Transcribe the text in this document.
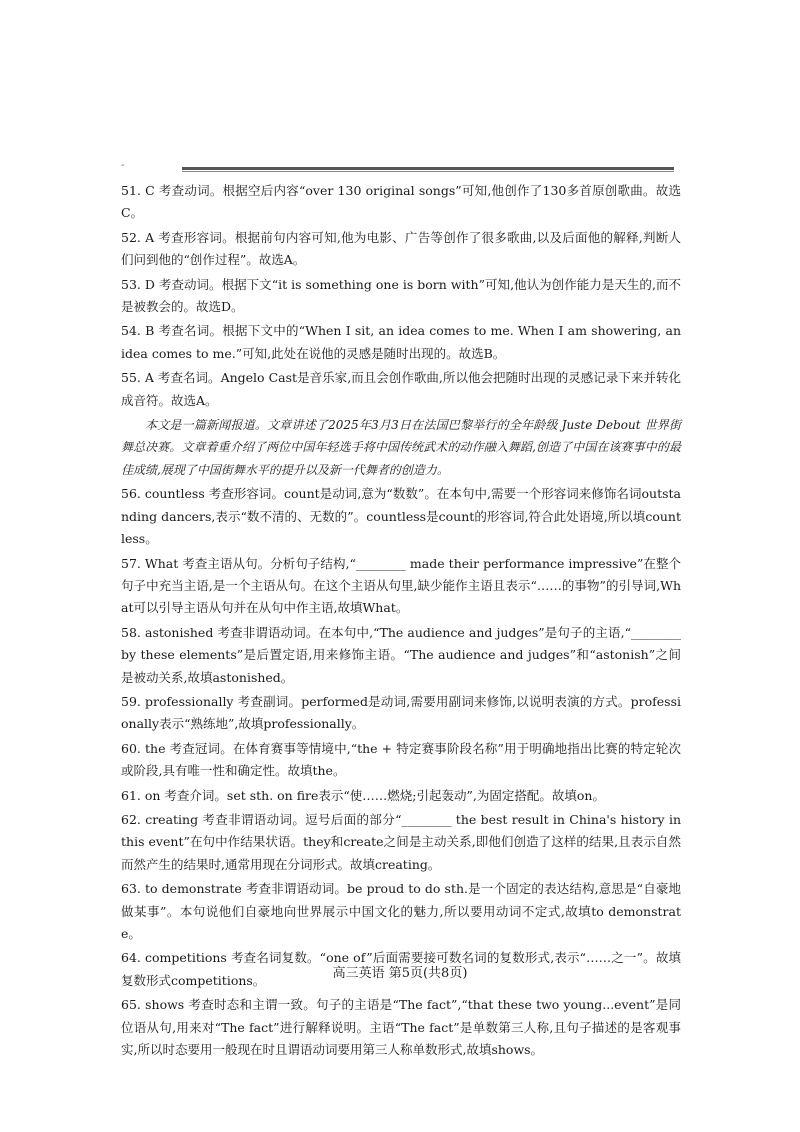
-

51. C 考查动词。根据空后内容“over 130 original songs”可知,他创作了130多首原创歌曲。故选C。

52. A 考查形容词。根据前句内容可知,他为电影、广告等创作了很多歌曲,以及后面他的解释,判断人们问到他的“创作过程”。故选A。

53. D 考查动词。根据下文“it is something one is born with”可知,他认为创作能力是天生的,而不是被教会的。故选D。

54. B 考查名词。根据下文中的“When I sit, an idea comes to me. When I am showering, an idea comes to me.”可知,此处在说他的灵感是随时出现的。故选B。

55. A 考查名词。Angelo Cast是音乐家,而且会创作歌曲,所以他会把随时出现的灵感记录下来并转化成音符。故选A。

本文是一篇新闻报道。文章讲述了2025年3月3日在法国巴黎举行的全年龄级 Juste Debout 世界街舞总决赛。文章着重介绍了两位中国年轻选手将中国传统武术的动作融入舞蹈,创造了中国在该赛事中的最佳成绩,展现了中国街舞水平的提升以及新一代舞者的创造力。

56. countless 考查形容词。count是动词,意为“数数”。在本句中,需要一个形容词来修饰名词outstanding dancers,表示“数不清的、无数的”。countless是count的形容词,符合此处语境,所以填countless。

57. What 考查主语从句。分析句子结构,“________ made their performance impressive”在整个句子中充当主语,是一个主语从句。在这个主语从句里,缺少能作主语且表示“……的事物”的引导词,What可以引导主语从句并在从句中作主语,故填What。

58. astonished 考查非谓语动词。在本句中,“The audience and judges”是句子的主语,“________ by these elements”是后置定语,用来修饰主语。“The audience and judges”和“astonish”之间是被动关系,故填astonished。

59. professionally 考查副词。performed是动词,需要用副词来修饰,以说明表演的方式。professionally表示“熟练地”,故填professionally。

60. the 考查冠词。在体育赛事等情境中,“the + 特定赛事阶段名称”用于明确地指出比赛的特定轮次或阶段,具有唯一性和确定性。故填the。

61. on 考查介词。set sth. on fire表示“使……燃烧;引起轰动”,为固定搭配。故填on。

62. creating 考查非谓语动词。逗号后面的部分“________ the best result in China's history in this event”在句中作结果状语。they和create之间是主动关系,即他们创造了这样的结果,且表示自然而然产生的结果时,通常用现在分词形式。故填creating。

63. to demonstrate 考查非谓语动词。be proud to do sth.是一个固定的表达结构,意思是“自豪地做某事”。本句说他们自豪地向世界展示中国文化的魅力,所以要用动词不定式,故填to demonstrate。

64. competitions 考查名词复数。“one of”后面需要接可数名词的复数形式,表示“……之一”。故填复数形式competitions。

65. shows 考查时态和主谓一致。句子的主语是“The fact”,“that these two young...event”是同位语从句,用来对“The fact”进行解释说明。主语“The fact”是单数第三人称,且句子描述的是客观事实,所以时态要用一般现在时且谓语动词要用第三人称单数形式,故填shows。

高三英语 第5页(共8页)
